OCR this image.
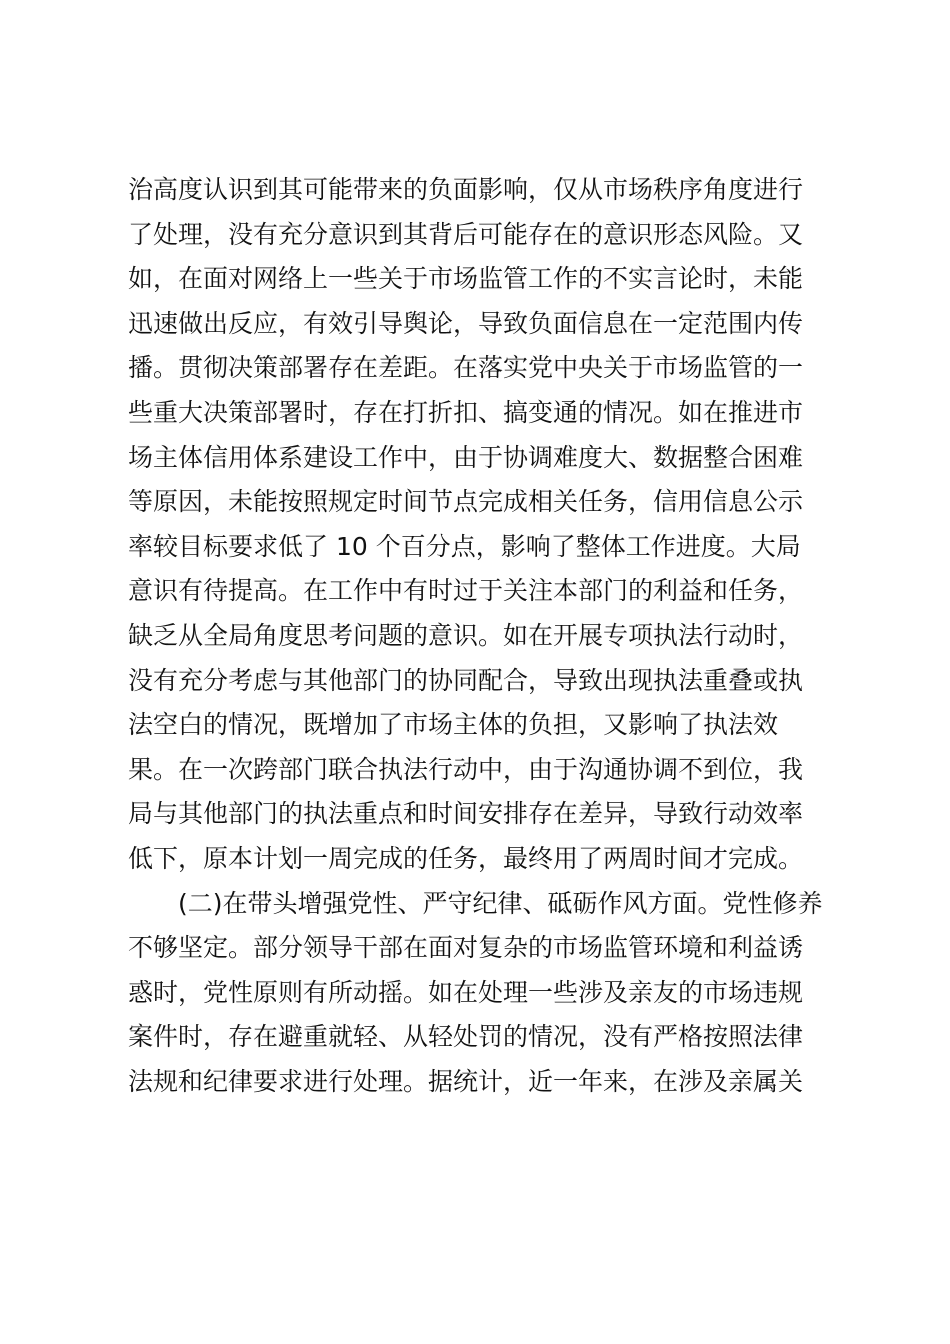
治高度认识到其可能带来的负面影响，仅从市场秩序角度进行
了处理，没有充分意识到其背后可能存在的意识形态风险。又
如，在面对网络上一些关于市场监管工作的不实言论时，未能
迅速做出反应，有效引导舆论，导致负面信息在一定范围内传
播。贯彻决策部署存在差距。在落实党中央关于市场监管的一
些重大决策部署时，存在打折扣、搞变通的情况。如在推进市
场主体信用体系建设工作中，由于协调难度大、数据整合困难
等原因，未能按照规定时间节点完成相关任务，信用信息公示
率较目标要求低了 10 个百分点，影响了整体工作进度。大局
意识有待提高。在工作中有时过于关注本部门的利益和任务，
缺乏从全局角度思考问题的意识。如在开展专项执法行动时，
没有充分考虑与其他部门的协同配合，导致出现执法重叠或执
法空白的情况，既增加了市场主体的负担，又影响了执法效
果。在一次跨部门联合执法行动中，由于沟通协调不到位，我
局与其他部门的执法重点和时间安排存在差异，导致行动效率
低下，原本计划一周完成的任务，最终用了两周时间才完成。
(二)在带头增强党性、严守纪律、砥砺作风方面。党性修养
不够坚定。部分领导干部在面对复杂的市场监管环境和利益诱
惑时，党性原则有所动摇。如在处理一些涉及亲友的市场违规
案件时，存在避重就轻、从轻处罚的情况，没有严格按照法律
法规和纪律要求进行处理。据统计，近一年来，在涉及亲属关
